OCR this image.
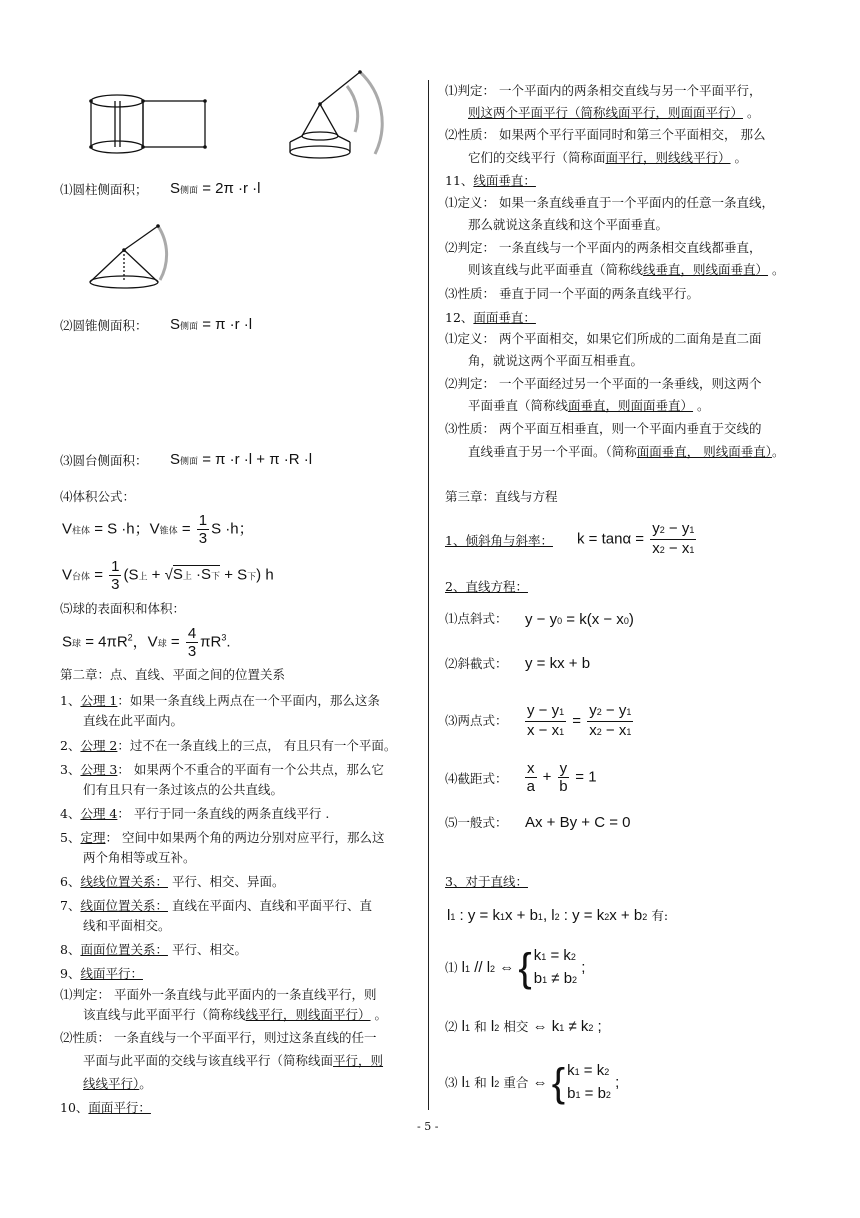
⑴圆柱侧面积； S侧面 = 2π ·r ·l
⑵圆锥侧面积： S侧面 = π ·r ·l
⑶圆台侧面积： S侧面 = π ·r ·l + π ·R ·l
⑷体积公式：
V柱体 = S ·h；V锥体 = $\frac{1}{3}$ S ·h；
V台体 = $\frac{1}{3} (S$上 + √S上 ·S下 + S下) h
⑸球的表面积和体积：
S球 = $4\pi R^2$，V球 = $\frac{4}{3} \pi R^3$.
第二章：点、直线、平面之间的位置关系
1、公理 1：如果一条直线上两点在一个平面内，那么这条
直线在此平面内。
2、公理 2：过不在一条直线上的三点， 有且只有一个平面。
3、公理 3： 如果两个不重合的平面有一个公共点，那么它
们有且只有一条过该点的公共直线。
4、公理 4： 平行于同一条直线的两条直线平行 .
5、定理： 空间中如果两个角的两边分别对应平行，那么这
两个角相等或互补。
6、线线位置关系： 平行、相交、异面。
7、线面位置关系： 直线在平面内、直线和平面平行、直
线和平面相交。
8、面面位置关系： 平行、相交。
9、线面平行：
⑴判定： 平面外一条直线与此平面内的一条直线平行，则
该直线与此平面平行（简称线线平行，则线面平行） 。
⑵性质： 一条直线与一个平面平行，则过这条直线的任一
平面与此平面的交线与该直线平行（简称线面平行，则
线线平行）。
10、面面平行：
⑴判定： 一个平面内的两条相交直线与另一个平面平行，
则这两个平面平行（简称线面平行，则面面平行） 。
⑵性质： 如果两个平行平面同时和第三个平面相交， 那么
它们的交线平行（简称面面平行，则线线平行） 。
11、线面垂直：
⑴定义： 如果一条直线垂直于一个平面内的任意一条直线，
那么就说这条直线和这个平面垂直。
⑵判定： 一条直线与一个平面内的两条相交直线都垂直，
则该直线与此平面垂直（简称线线垂直，则线面垂直） 。
⑶性质： 垂直于同一个平面的两条直线平行。
12、面面垂直：
⑴定义： 两个平面相交，如果它们所成的二面角是直二面
角，就说这两个平面互相垂直。
⑵判定： 一个平面经过另一个平面的一条垂线，则这两个
平面垂直（简称线面垂直，则面面垂直） 。
⑶性质： 两个平面互相垂直，则一个平面内垂直于交线的
直线垂直于另一个平面。（简称面面垂直， 则线面垂直）。
第三章：直线与方程
1、倾斜角与斜率： $k = \tan\alpha = \frac{y2 - y1}{x2 - x1}$
2、直线方程：
⑴点斜式： y − y0 = k(x − x0)
⑵斜截式： y = kx + b
⑶两点式： $\frac{y - y1}{x - x1} = \frac{y2 - y1}{x2 - x1}$
⑷截距式： $\frac{x}{a} + \frac{y}{b} = 1$
⑸一般式： Ax + By + C = 0
3、对于直线：
l1 : y = k1x + b1, l2 : y = k2x + b2 有:
⑴ l1 // l2 ⇔ { k1 = k2
b1 ≠ b2 ;
⑵ l1 和 l2 相交 ⇔ k1 ≠ k2 ;
⑶ l1 和 l2 重合 ⇔ { k1 = k2
b1 = b2 ;
- 5 -
